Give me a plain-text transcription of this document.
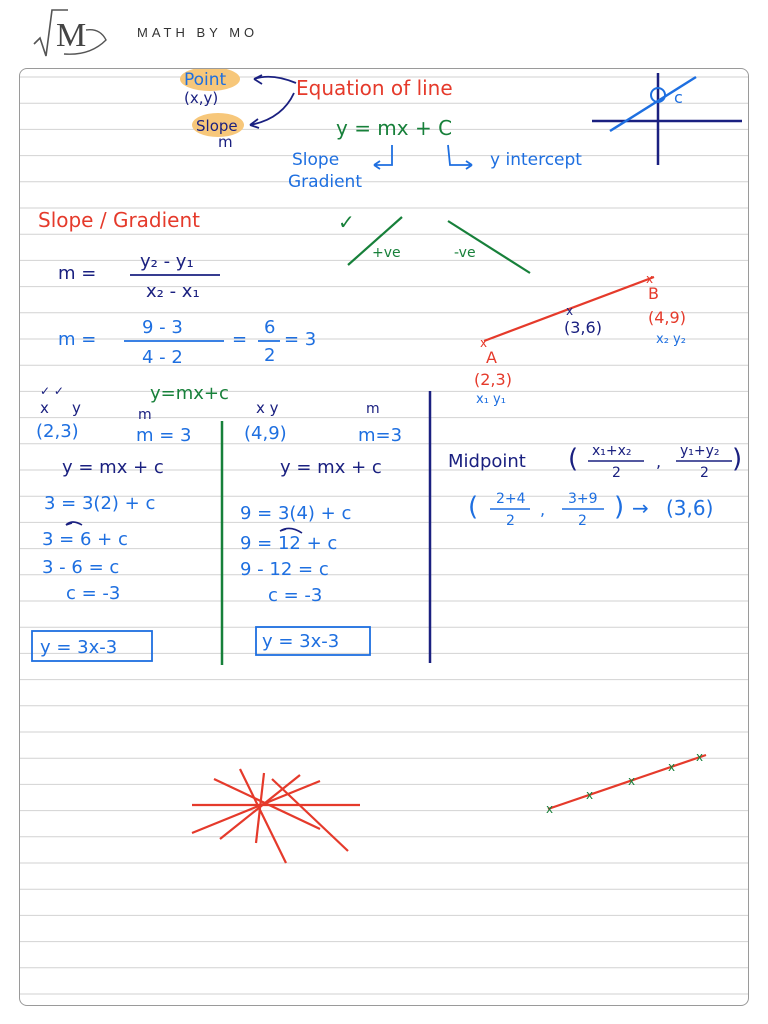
M	MATH BY MO
Point
(x,y)
Slope
m
Equation of line
y = mx + C
Slope
Gradient
y intercept
c
Slope / Gradient	✓
+ve	-ve
m =
y₂ - y₁
x₂ - x₁
m =
9 - 3
4 - 2
=
6
2
= 3	x
x
x
B
(4,9)
x₂ y₂
(3,6)
A
(2,3)
x₁ y₁
y=mx+c
✓ ✓
x y
(2,3)
m
m = 3
y = mx + c
3 = 3(2) + c
3 = 6 + c
3 - 6 = c
c = -3
y = 3x-3
x y
(4,9)
m
m=3
y = mx + c
9 = 3(4) + c
9 = 12 + c
9 - 12 = c
c = -3
y = 3x-3
Midpoint ( x₁+x₂
2
,
y₁+y₂
2 )
( 2+4
2
,
3+9
2 ) → (3,6)
x
x
x
x
x
